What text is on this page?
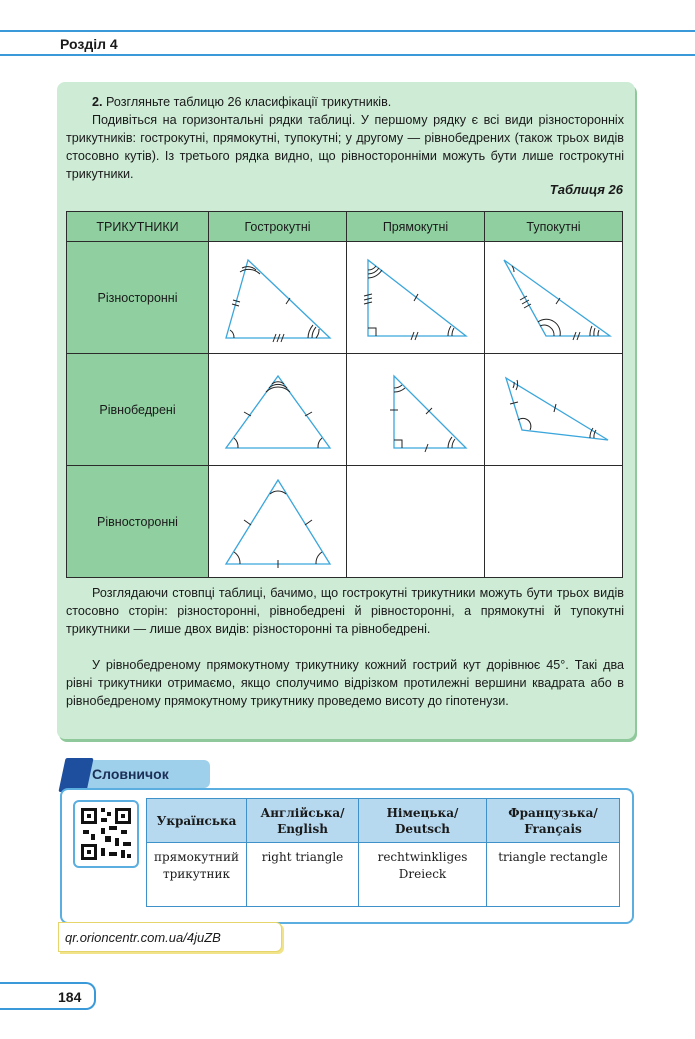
Розділ 4
2. Розгляньте таблицю 26 класифікації трикутників.
Подивіться на горизонтальні рядки таблиці. У першому рядку є всі види різносторонніх трикутників: гострокутні, прямокутні, тупокутні; у другому — рівнобедрених (також трьох видів стосовно кутів). Із третього рядка видно, що рівносторонніми можуть бути лише гострокутні трикутники.
Таблиця 26
ТРИКУТНИКИ	Гострокутні	Прямокутні	Тупокутні
Різносторонні	

Рівнобедрені	

Рівносторонні	

Розглядаючи стовпці таблиці, бачимо, що гострокутні трикутники можуть бути трьох видів стосовно сторін: різносторонні, рівнобедрені й рівносторонні, а прямокутні й тупокутні трикутники — лише двох видів: різносторонні та рівнобедрені.
У рівнобедреному прямокутному трикутнику кожний гострий кут дорівнює 45°. Такі два рівні трикутники отримаємо, якщо сполучимо відрізком протилежні вершини квадрата або в рівнобедреному прямокутному трикутнику проведемо висоту до гіпотенузи.
Словничок
Українська	Англійська/ English	Німецька/ Deutsch	Французька/ Français
прямокутний трикутник	right triangle	rechtwinkliges Dreieck	triangle rectangle
qr.orioncentr.com.ua/4juZB
184
